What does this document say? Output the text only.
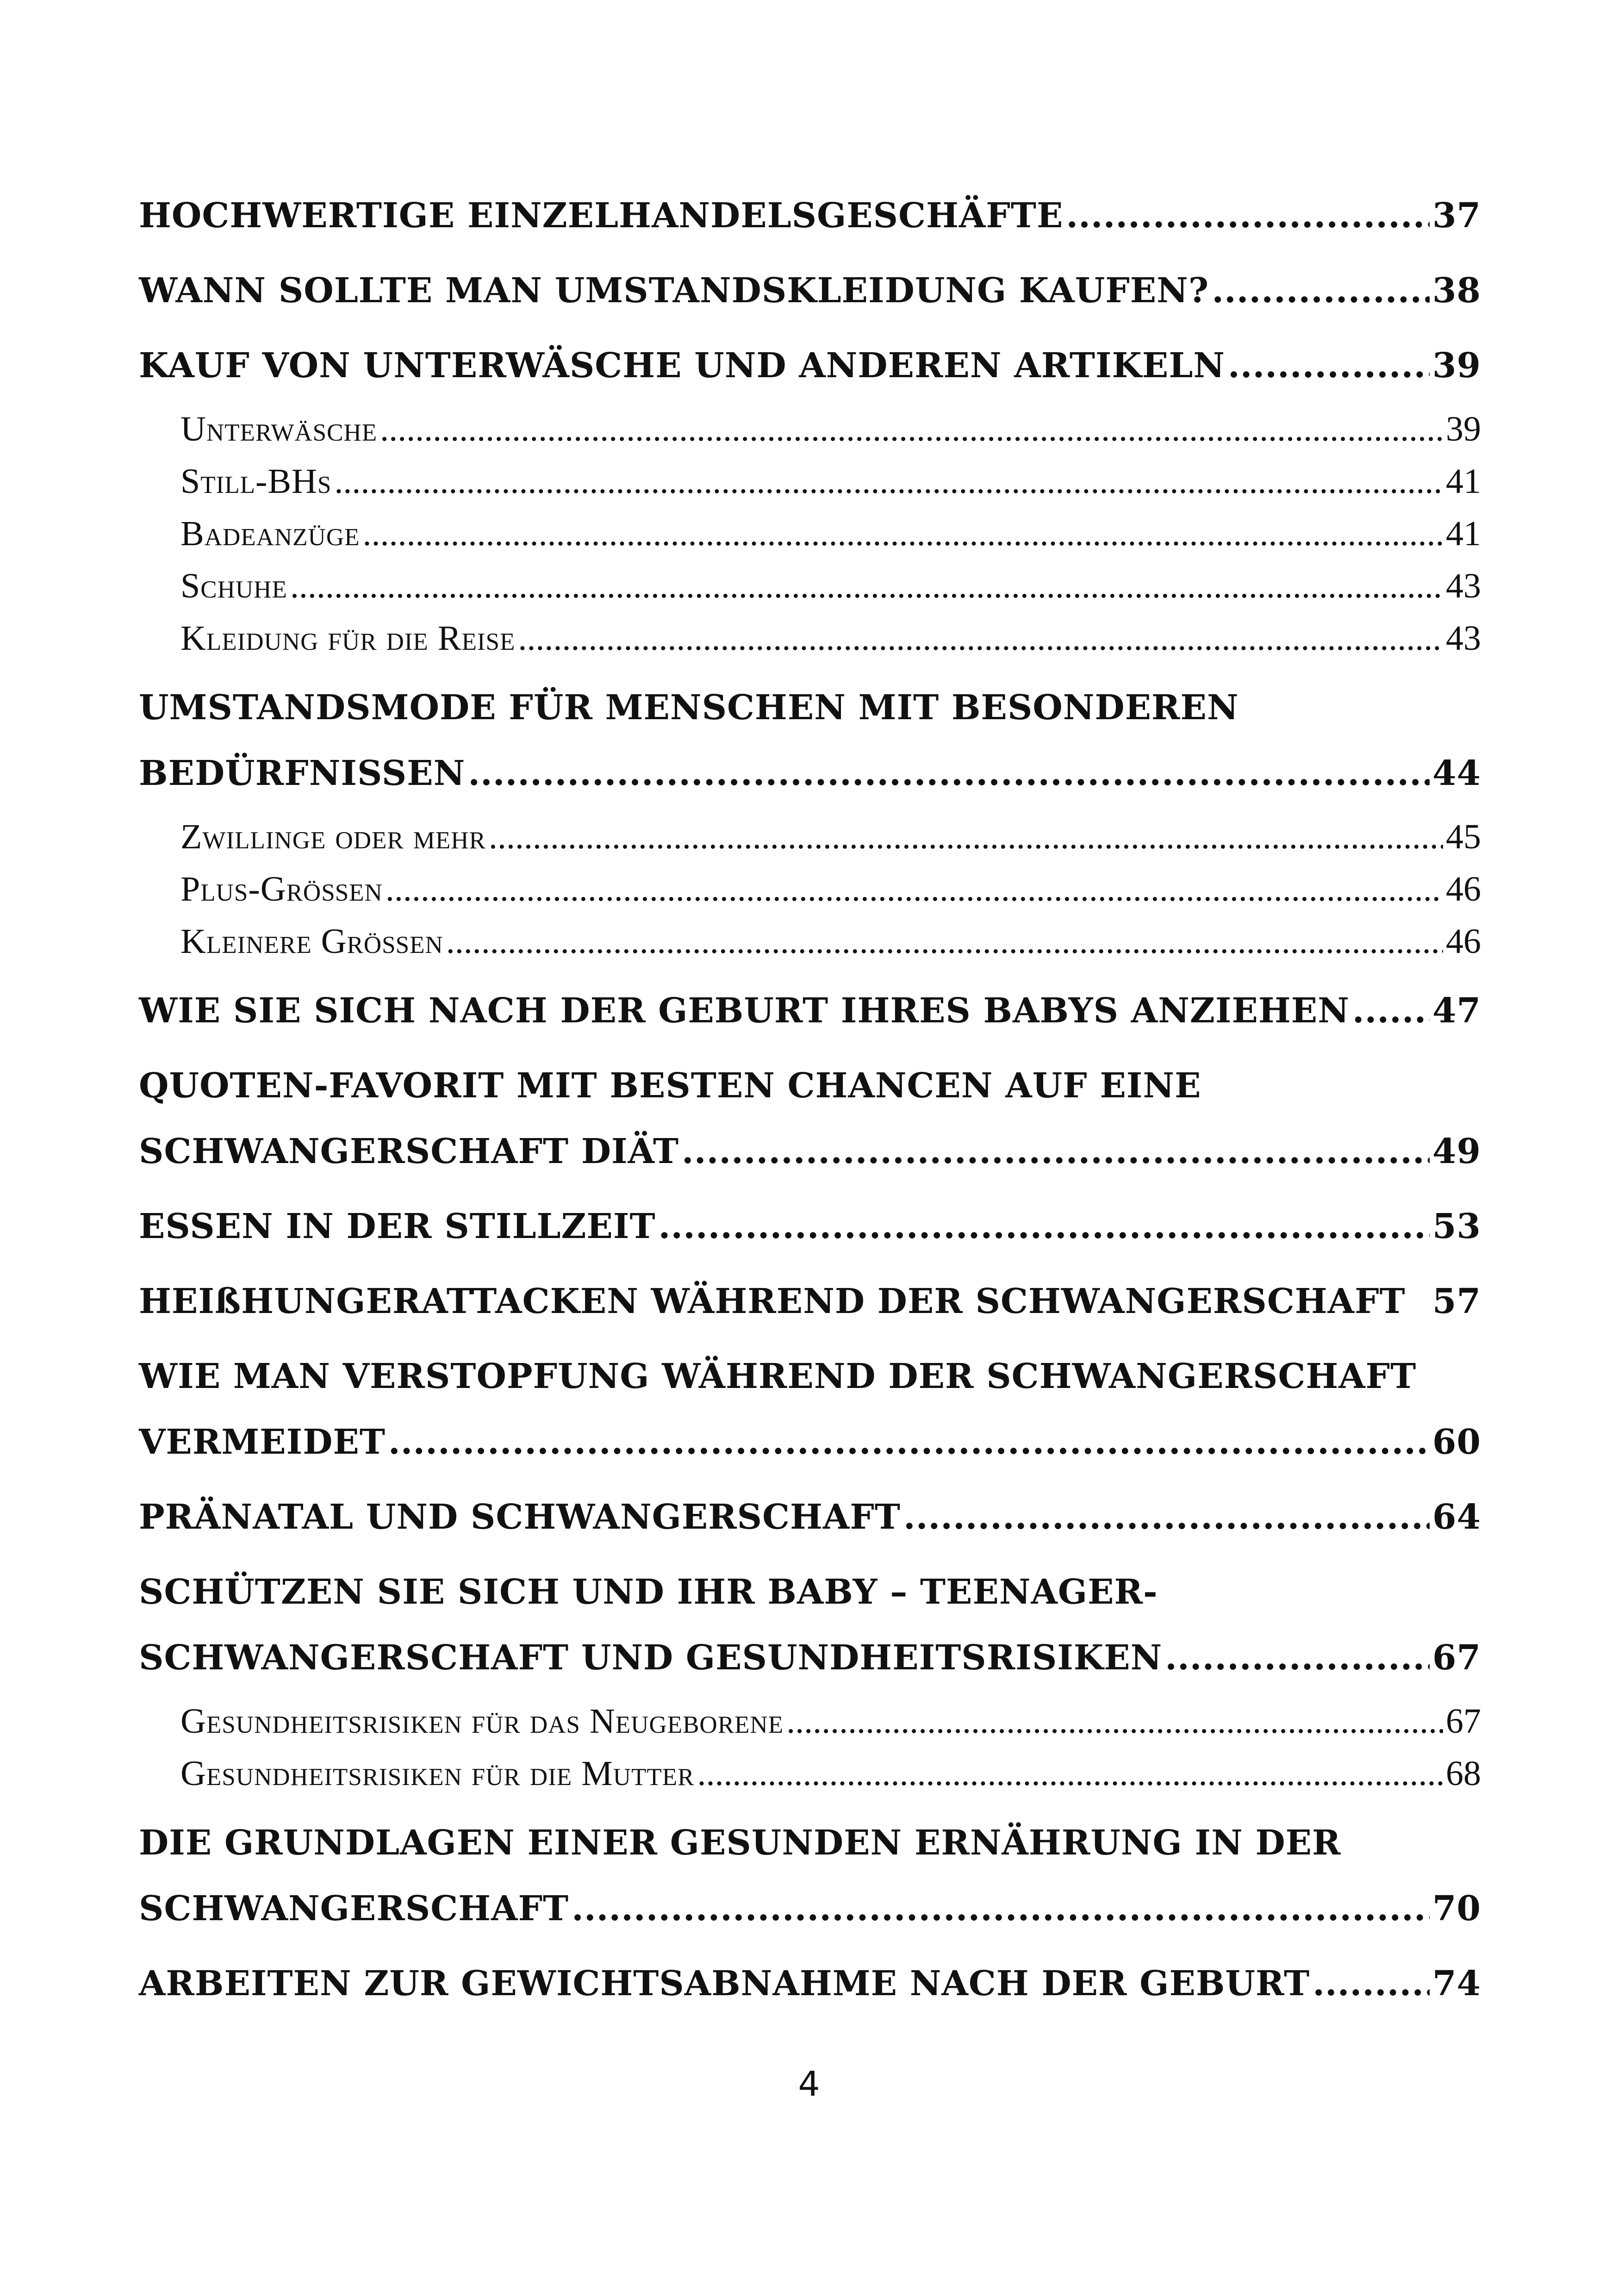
HOCHWERTIGE EINZELHANDELSGESCHÄFTE .....	37
WANN SOLLTE MAN UMSTANDSKLEIDUNG KAUFEN? .....	38
KAUF VON UNTERWÄSCHE UND ANDEREN ARTIKELN .....	39
Unterwäsche .....	39
Still-BHs .....	41
Badeanzüge .....	41
Schuhe .....	43
Kleidung für die Reise .....	43
UMSTANDSMODE FÜR MENSCHEN MIT BESONDEREN
BEDÜRFNISSEN .....	44
Zwillinge oder mehr .....	45
Plus-Größen .....	46
Kleinere Größen .....	46
WIE SIE SICH NACH DER GEBURT IHRES BABYS ANZIEHEN ..... 47
QUOTEN-FAVORIT MIT BESTEN CHANCEN AUF EINE
SCHWANGERSCHAFT DIÄT .....	49
ESSEN IN DER STILLZEIT .....	53
HEIßHUNGERATTACKEN WÄHREND DER SCHWANGERSCHAFT 57
WIE MAN VERSTOPFUNG WÄHREND DER SCHWANGERSCHAFT
VERMEIDET .....	60
PRÄNATAL UND SCHWANGERSCHAFT .....	64
SCHÜTZEN SIE SICH UND IHR BABY – TEENAGER-
SCHWANGERSCHAFT UND GESUNDHEITSRISIKEN .....	67
Gesundheitsrisiken für das Neugeborene .....	67
Gesundheitsrisiken für die Mutter .....	68
DIE GRUNDLAGEN EINER GESUNDEN ERNÄHRUNG IN DER
SCHWANGERSCHAFT .....	70
ARBEITEN ZUR GEWICHTSABNAHME NACH DER GEBURT .....	74
4
